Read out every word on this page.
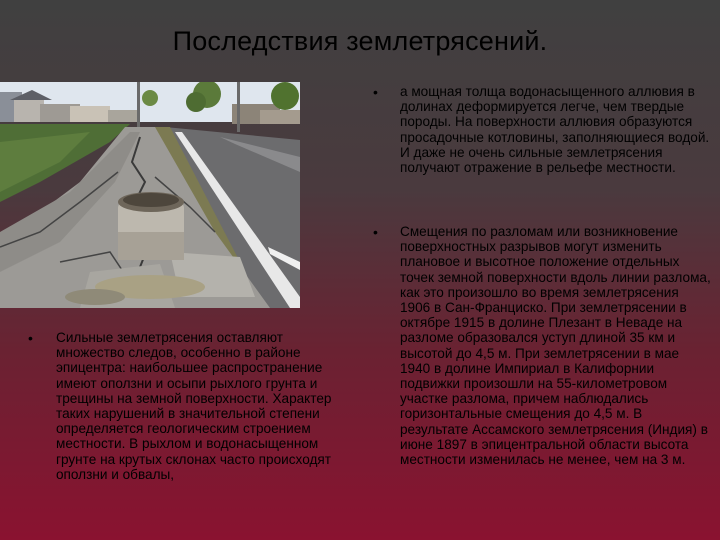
Последствия землетрясений.
• Сильные землетрясения оставляют множество следов, особенно в районе эпицентра: наибольшее распространение имеют оползни и осыпи рыхлого грунта и трещины на земной поверхности. Характер таких нарушений в значительной степени определяется геологическим строением местности. В рыхлом и водонасыщенном грунте на крутых склонах часто происходят оползни и обвалы,

• а мощная толща водонасыщенного аллювия в долинах деформируется легче, чем твердые породы. На поверхности аллювия образуются просадочные котловины, заполняющиеся водой. И даже не очень сильные землетрясения получают отражение в рельефе местности.

• Смещения по разломам или возникновение поверхностных разрывов могут изменить плановое и высотное положение отдельных точек земной поверхности вдоль линии разлома, как это произошло во время землетрясения 1906 в Сан-Франциско. При землетрясении в октябре 1915 в долине Плезант в Неваде на разломе образовался уступ длиной 35 км и высотой до 4,5 м. При землетрясении в мае 1940 в долине Импириал в Калифорнии подвижки произошли на 55-километровом участке разлома, причем наблюдались горизонтальные смещения до 4,5 м. В результате Ассамского землетрясения (Индия) в июне 1897 в эпицентральной области высота местности изменилась не менее, чем на 3 м.
